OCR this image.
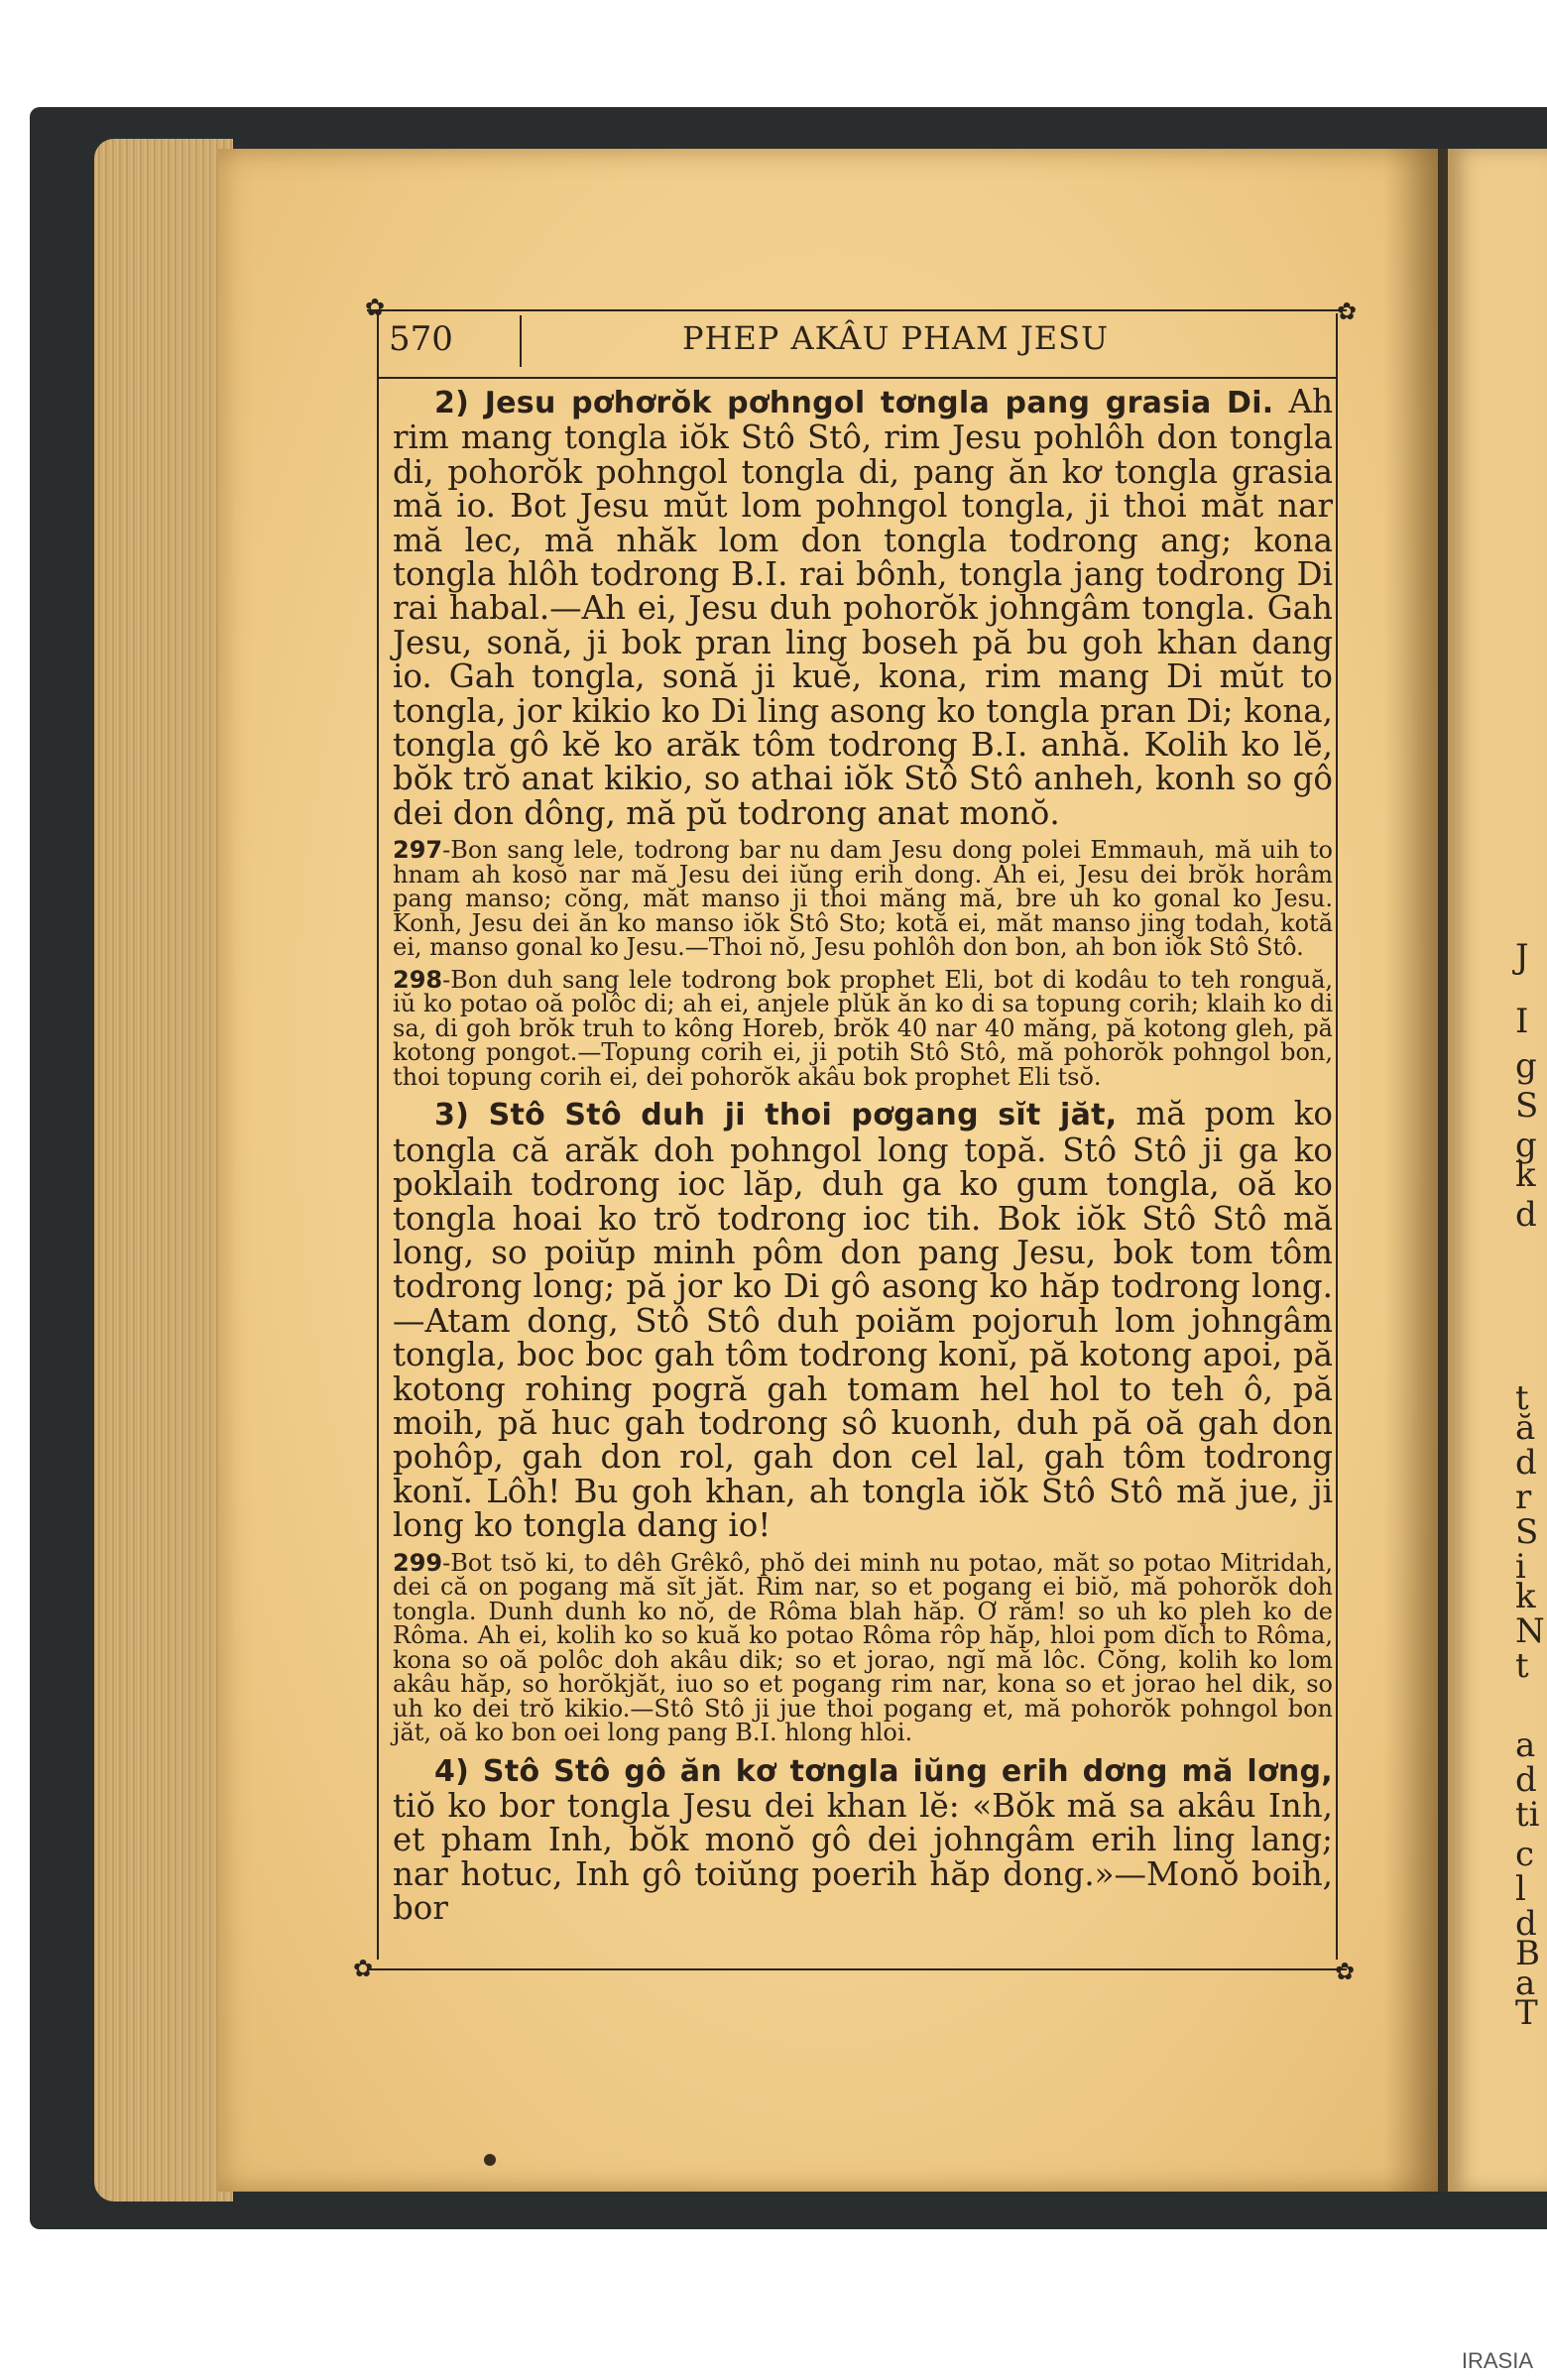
✿	✿
✿	✿
570	PHEP AKÂU PHAM JESU

2) Jesu pơhơrŏk pơhngol tơngla pang grasia Di. Ah rim mang tongla iŏk Stô Stô, rim Jesu pohlôh don tongla di, pohorŏk pohngol tongla di, pang ăn kơ tongla grasia mă io. Bot Jesu mŭt lom pohngol tongla, ji thoi măt nar mă lec, mă nhăk lom don tongla todrong ang; kona tongla hlôh todrong B.I. rai bônh, tongla jang todrong Di rai habal.—Ah ei, Jesu duh pohorŏk johngâm tongla. Gah Jesu, sonă, ji bok pran ling boseh pă bu goh khan dang io. Gah tongla, sonă ji kuĕ, kona, rim mang Di mŭt to tongla, jor kikio ko Di ling asong ko tongla pran Di; kona, tongla gô kĕ ko arăk tôm todrong B.I. anhă. Kolih ko lĕ, bŏk trŏ anat kikio, so athai iŏk Stô Stô anheh, konh so gô dei don dông, mă pŭ todrong anat monŏ.

297-Bon sang lele, todrong bar nu dam Jesu dong polei Emmauh, mă uih to hnam ah kosŏ nar mă Jesu dei iŭng erih dong. Ah ei, Jesu dei brŏk horâm pang manso; cŏng, măt manso ji thoi măng mă, bre uh ko gonal ko Jesu. Konh, Jesu dei ăn ko manso iŏk Stô Sto; kotă ei, măt manso jing todah, kotă ei, manso gonal ko Jesu.—Thoi nŏ, Jesu pohlôh don bon, ah bon iŏk Stô Stô.

298-Bon duh sang lele todrong bok prophet Eli, bot di kodâu to teh ronguă, iŭ ko potao oă polôc di; ah ei, anjele plŭk ăn ko di sa topung corih; klaih ko di sa, di goh brŏk truh to kông Horeb, brŏk 40 nar 40 măng, pă kotong gleh, pă kotong pongot.—Topung corih ei, ji potih Stô Stô, mă pohorŏk pohngol bon, thoi topung corih ei, dei pohorŏk akâu bok prophet Eli tsŏ.

3) Stô Stô duh ji thoi pơgang sĭt jăt, mă pom ko tongla că arăk doh pohngol long topă. Stô Stô ji ga ko poklaih todrong ioc lăp, duh ga ko gum tongla, oă ko tongla hoai ko trŏ todrong ioc tih. Bok iŏk Stô Stô mă long, so poiŭp minh pôm don pang Jesu, bok tom tôm todrong long; pă jor ko Di gô asong ko hăp todrong long.—Atam dong, Stô Stô duh poiăm pojoruh lom johngâm tongla, boc boc gah tôm todrong konĭ, pă kotong apoi, pă kotong rohing pogră gah tomam hel hol to teh ô, pă moih, pă huc gah todrong sô kuonh, duh pă oă gah don pohôp, gah don rol, gah don cel lal, gah tôm todrong konĭ. Lôh! Bu goh khan, ah tongla iŏk Stô Stô mă jue, ji long ko tongla dang io!

299-Bot tsŏ ki, to dêh Grêkô, phŏ dei minh nu potao, măt so potao Mitridah, dei că on pogang mă sĭt jăt. Rim nar, so et pogang ei biŏ, mă pohorŏk doh tongla. Dunh dunh ko nŏ, de Rôma blah hăp. Ơ răm! so uh ko pleh ko de Rôma. Ah ei, kolih ko so kuă ko potao Rôma rôp hăp, hloi pom dĭch to Rôma, kona so oă polôc doh akâu dik; so et jorao, ngĭ mă lôc. Cŏng, kolih ko lom akâu hăp, so horŏkjăt, iuo so et pogang rim nar, kona so et jorao hel dik, so uh ko dei trŏ kikio.—Stô Stô ji jue thoi pogang et, mă pohorŏk pohngol bon jăt, oă ko bon oei long pang B.I. hlong hloi.

4) Stô Stô gô ăn kơ tơngla iŭng erih dơng mă lơng, tiŏ ko bor tongla Jesu dei khan lĕ: «Bŏk mă sa akâu Inh, et pham Inh, bŏk monŏ gô dei johngâm erih ling lang; nar hotuc, Inh gô toiŭng poerih hăp dong.»—Monŏ boih, bor

IRASIA
J
I
g
S
g
k
d
t
ă
d
r
S
i
k
N
t
a
d
ti
c
l
d
B
a
T
